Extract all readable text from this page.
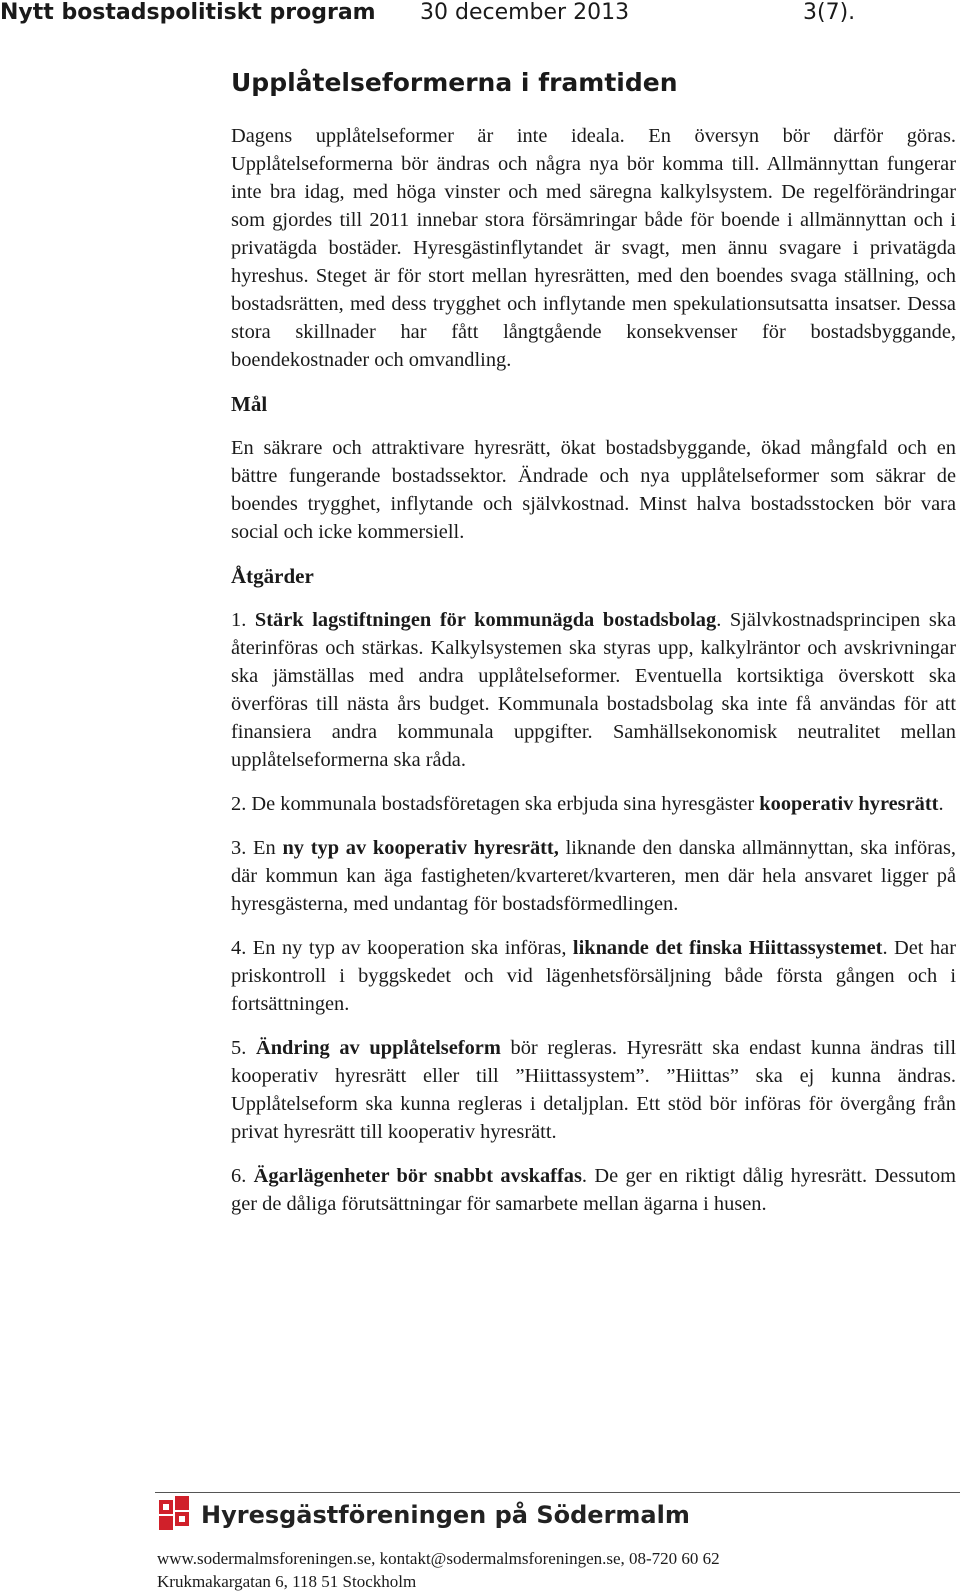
Nytt bostadspolitiskt program 30 december 2013	3(7).
Upplåtelseformerna i framtiden

Dagens upplåtelseformer är inte ideala. En översyn bör därför göras. Upplåtelseformerna bör ändras och några nya bör komma till. Allmännyttan fungerar inte bra idag, med höga vinster och med säregna kalkylsystem. De regelförändringar som gjordes till 2011 innebar stora försämringar både för boende i allmännyttan och i privatägda bostäder. Hyresgästinflytandet är svagt, men ännu svagare i privatägda hyreshus. Steget är för stort mellan hyresrätten, med den boendes svaga ställning, och bostadsrätten, med dess trygghet och inflytande men spekulationsutsatta insatser. Dessa stora skillnader har fått långtgående konsekvenser för bostadsbyggande, boendekostnader och omvandling.

Mål

En säkrare och attraktivare hyresrätt, ökat bostadsbyggande, ökad mångfald och en bättre fungerande bostadssektor. Ändrade och nya upplåtelseformer som säkrar de boendes trygghet, inflytande och självkostnad. Minst halva bostadsstocken bör vara social och icke kommersiell.

Åtgärder

1. Stärk lagstiftningen för kommunägda bostadsbolag. Självkostnadsprincipen ska återinföras och stärkas. Kalkylsystemen ska styras upp, kalkylräntor och avskrivningar ska jämställas med andra upplåtelseformer. Eventuella kortsiktiga överskott ska överföras till nästa års budget. Kommunala bostadsbolag ska inte få användas för att finansiera andra kommunala uppgifter. Samhällsekonomisk neutralitet mellan upplåtelseformerna ska råda.

2. De kommunala bostadsföretagen ska erbjuda sina hyresgäster kooperativ hyresrätt.

3. En ny typ av kooperativ hyresrätt, liknande den danska allmännyttan, ska införas, där kommun kan äga fastigheten/kvarteret/kvarteren, men där hela ansvaret ligger på hyresgästerna, med undantag för bostadsförmedlingen.

4. En ny typ av kooperation ska införas, liknande det finska Hiittassystemet. Det har priskontroll i byggskedet och vid lägenhetsförsäljning både första gången och i fortsättningen.

5. Ändring av upplåtelseform bör regleras. Hyresrätt ska endast kunna ändras till kooperativ hyresrätt eller till ”Hiittassystem”. ”Hiittas” ska ej kunna ändras. Upplåtelseform ska kunna regleras i detaljplan. Ett stöd bör införas för övergång från privat hyresrätt till kooperativ hyresrätt.

6. Ägarlägenheter bör snabbt avskaffas. De ger en riktigt dålig hyresrätt. Dessutom ger de dåliga förutsättningar för samarbete mellan ägarna i husen.

Hyresgästföreningen på Södermalm
www.sodermalmsforeningen.se, kontakt@sodermalmsforeningen.se, 08-720 60 62
Krukmakargatan 6, 118 51 Stockholm
